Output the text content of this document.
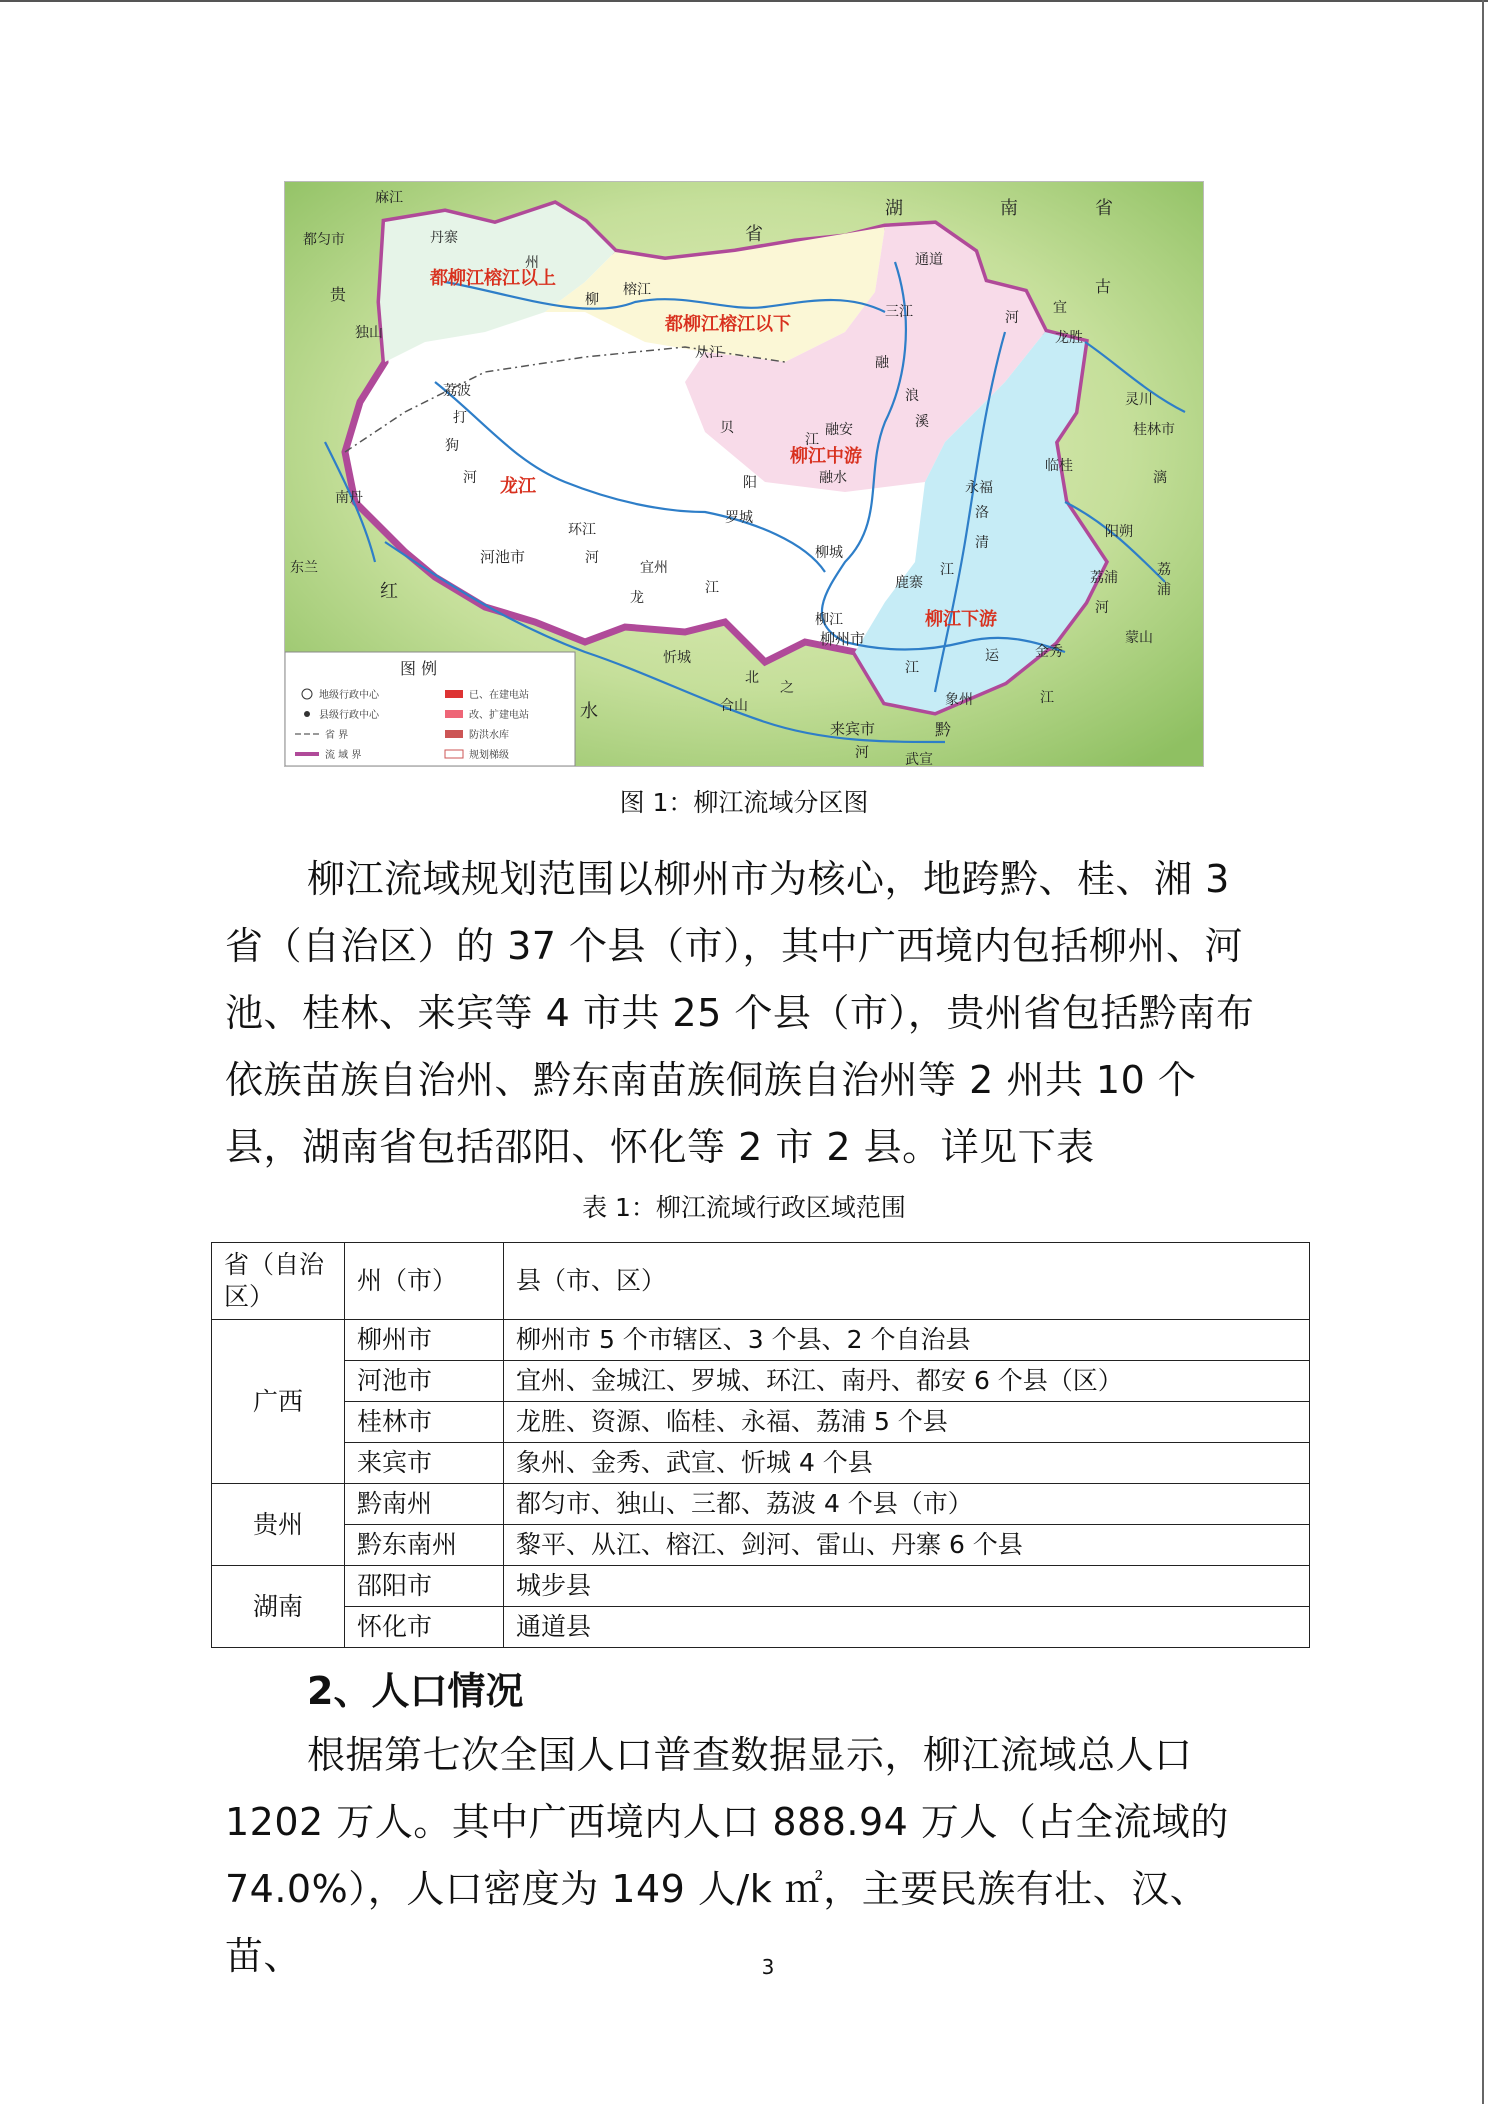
都柳江榕江以上
都柳江榕江以下
柳江中游
龙江
柳江下游
麻江
都匀市	丹寨
州
贵
独山
柳
榕江
从江
三江
通道
湖	南	省
省
古
河
宜
龙胜
灵川
桂林市
荔波
打
狗
河
南丹
东兰
河池市
环江
贝
江
融安
融水
阳
罗城
宜州
龙
江
柳城
永福
洛
清
江
临桂
阳朔
荔浦
蒙山
鹿寨
柳江
柳州市
红
水
忻城
合山
来宾市
武宣
象州
金秀
运
黔
江
河
融
浪
溪
漓
荔
浦
河
江
河
北
之
图 例
地级行政中心	已、在建电站
县级行政中心	改、扩建电站
省 界	防洪水库
流 域 界	规划梯级
图 1：柳江流域分区图
柳江流域规划范围以柳州市为核心，地跨黔、桂、湘 3 省（自治区）的 37 个县（市），其中广西境内包括柳州、河池、桂林、来宾等 4 市共 25 个县（市），贵州省包括黔南布依族苗族自治州、黔东南苗族侗族自治州等 2 州共 10 个县，湖南省包括邵阳、怀化等 2 市 2 县。详见下表
表 1：柳江流域行政区域范围
省（自治区）	州（市）	县（市、区）
广西	柳州市	柳州市 5 个市辖区、3 个县、2 个自治县
	河池市	宜州、金城江、罗城、环江、南丹、都安 6 个县（区）
	桂林市	龙胜、资源、临桂、永福、荔浦 5 个县
	来宾市	象州、金秀、武宣、忻城 4 个县
贵州	黔南州	都匀市、独山、三都、荔波 4 个县（市）
	黔东南州	黎平、从江、榕江、剑河、雷山、丹寨 6 个县
湖南	邵阳市	城步县
	怀化市	通道县
2、人口情况
根据第七次全国人口普查数据显示，柳江流域总人口 1202 万人。其中广西境内人口 888.94 万人（占全流域的 74.0%），人口密度为 149 人/k ㎡，主要民族有壮、汉、苗、	3
